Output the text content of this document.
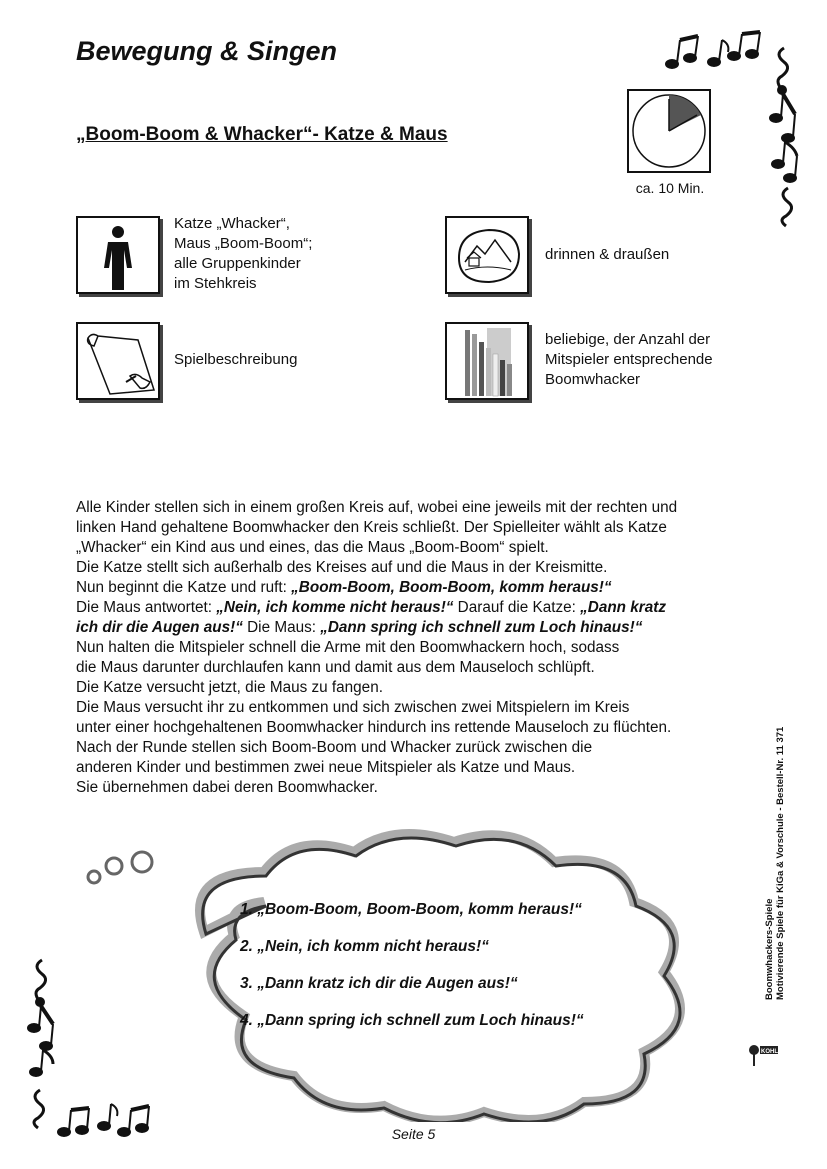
Bewegung & Singen
„Boom-Boom & Whacker“- Katze & Maus
ca. 10 Min.
Katze „Whacker“,
Maus „Boom-Boom“;
alle Gruppenkinder
im Stehkreis
drinnen & draußen
Spielbeschreibung
beliebige, der Anzahl der
Mitspieler entsprechende
Boomwhacker

Alle Kinder stellen sich in einem großen Kreis auf, wobei eine jeweils mit der rechten und

linken Hand gehaltene Boomwhacker den Kreis schließt. Der Spielleiter wählt als Katze

„Whacker“ ein Kind aus und eines, das die Maus „Boom-Boom“ spielt.

Die Katze stellt sich außerhalb des Kreises auf und die Maus in der Kreismitte.

Nun beginnt die Katze und ruft: „Boom-Boom, Boom-Boom, komm heraus!“

Die Maus antwortet: „Nein, ich komme nicht heraus!“ Darauf die Katze: „Dann kratz

ich dir die Augen aus!“ Die Maus: „Dann spring ich schnell zum Loch hinaus!“

Nun halten die Mitspieler schnell die Arme mit den Boomwhackern hoch, sodass

die Maus darunter durchlaufen kann und damit aus dem Mauseloch schlüpft.

Die Katze versucht jetzt, die Maus zu fangen.

Die Maus versucht ihr zu entkommen und sich zwischen zwei Mitspielern im Kreis

unter einer hochgehaltenen Boomwhacker hindurch ins rettende Mauseloch zu flüchten.

Nach der Runde stellen sich Boom-Boom und Whacker zurück zwischen die

anderen Kinder und bestimmen zwei neue Mitspieler als Katze und Maus.

Sie übernehmen dabei deren Boomwhacker.

1. „Boom-Boom, Boom-Boom, komm heraus!“
2. „Nein, ich komm nicht heraus!“
3. „Dann kratz ich dir die Augen aus!“
4. „Dann spring ich schnell zum Loch hinaus!“
Boomwhackers-Spiele Motivierende Spiele für KiGa & Vorschule - Bestell-Nr. 11 371
KOHL
Seite 5
